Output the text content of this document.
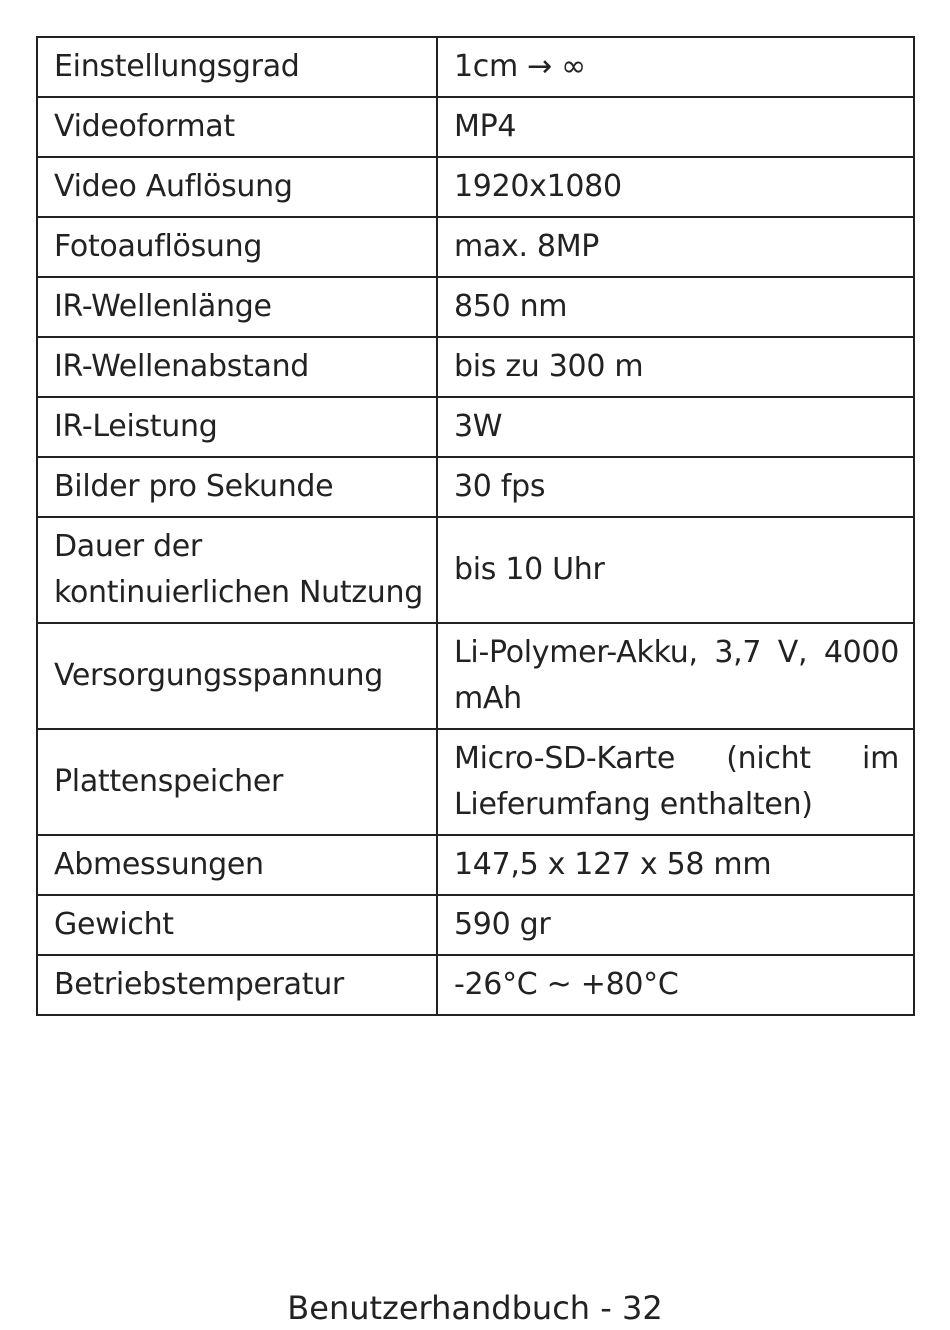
Einstellungsgrad	1cm → ∞
Videoformat	MP4
Video Auflösung	1920x1080
Fotoauflösung	max. 8MP
IR-Wellenlänge	850 nm
IR-Wellenabstand	bis zu 300 m
IR-Leistung	3W
Bilder pro Sekunde	30 fps
Dauer der kontinuierlichen Nutzung	bis 10 Uhr
Versorgungsspannung	Li-Polymer-Akku, 3,7 V, 4000 mAh
Plattenspeicher	Micro-SD-Karte (nicht im Lieferumfang enthalten)
Abmessungen	147,5 x 127 x 58 mm
Gewicht	590 gr
Betriebstemperatur	-26°C ~ +80°C
Benutzerhandbuch - 32
